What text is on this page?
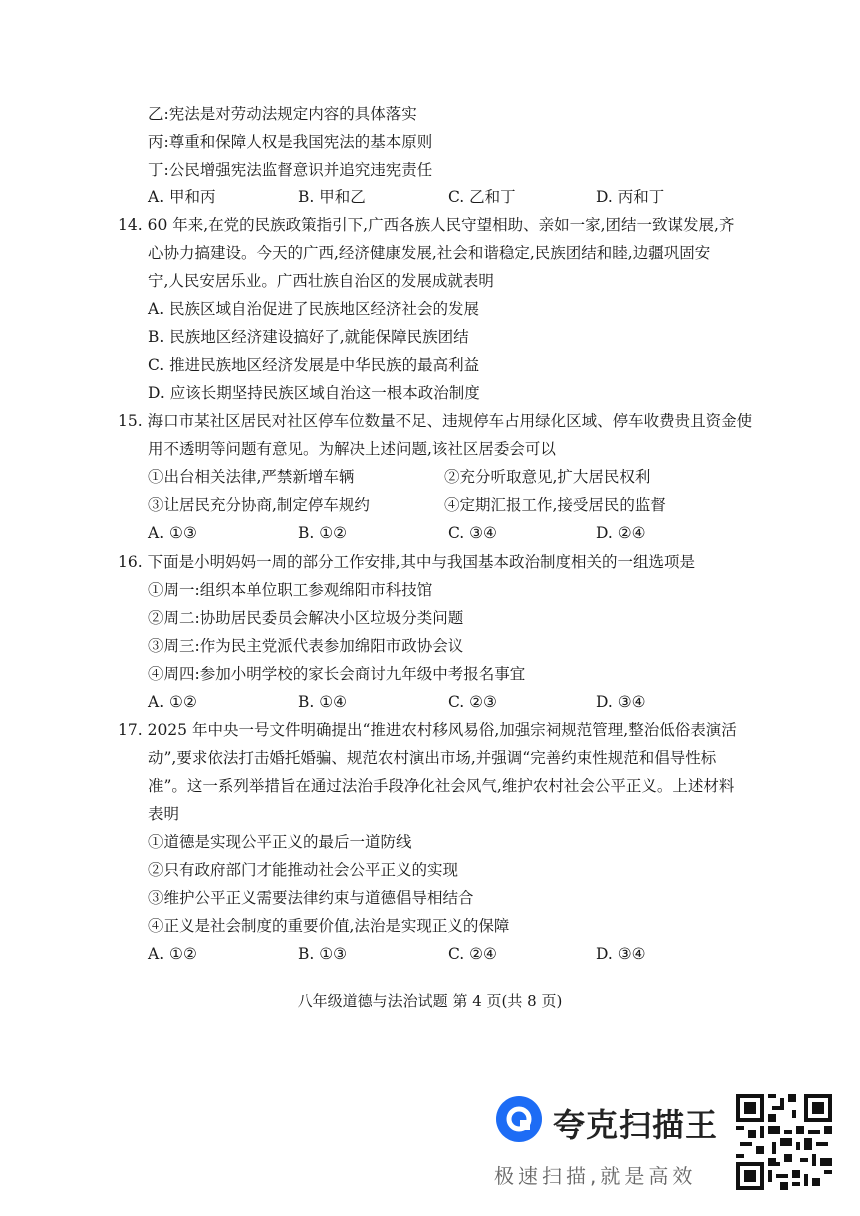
乙:宪法是对劳动法规定内容的具体落实
丙:尊重和保障人权是我国宪法的基本原则
丁:公民增强宪法监督意识并追究违宪责任
A. 甲和丙	B. 甲和乙	C. 乙和丁	D. 丙和丁
14. 60 年来,在党的民族政策指引下,广西各族人民守望相助、亲如一家,团结一致谋发展,齐
心协力搞建设。今天的广西,经济健康发展,社会和谐稳定,民族团结和睦,边疆巩固安
宁,人民安居乐业。广西壮族自治区的发展成就表明
A. 民族区域自治促进了民族地区经济社会的发展
B. 民族地区经济建设搞好了,就能保障民族团结
C. 推进民族地区经济发展是中华民族的最高利益
D. 应该长期坚持民族区域自治这一根本政治制度
15. 海口市某社区居民对社区停车位数量不足、违规停车占用绿化区域、停车收费贵且资金使
用不透明等问题有意见。为解决上述问题,该社区居委会可以
①出台相关法律,严禁新增车辆	②充分听取意见,扩大居民权利
③让居民充分协商,制定停车规约	④定期汇报工作,接受居民的监督
A. ①③	B. ①②	C. ③④	D. ②④
16. 下面是小明妈妈一周的部分工作安排,其中与我国基本政治制度相关的一组选项是
①周一:组织本单位职工参观绵阳市科技馆
②周二:协助居民委员会解决小区垃圾分类问题
③周三:作为民主党派代表参加绵阳市政协会议
④周四:参加小明学校的家长会商讨九年级中考报名事宜
A. ①②	B. ①④	C. ②③	D. ③④
17. 2025 年中央一号文件明确提出“推进农村移风易俗,加强宗祠规范管理,整治低俗表演活
动”,要求依法打击婚托婚骗、规范农村演出市场,并强调“完善约束性规范和倡导性标
准”。这一系列举措旨在通过法治手段净化社会风气,维护农村社会公平正义。上述材料
表明
①道德是实现公平正义的最后一道防线
②只有政府部门才能推动社会公平正义的实现
③维护公平正义需要法律约束与道德倡导相结合
④正义是社会制度的重要价值,法治是实现正义的保障
A. ①②	B. ①③	C. ②④	D. ③④
八年级道德与法治试题 第 4 页(共 8 页)
夸克扫描王
极速扫描,就是高效
